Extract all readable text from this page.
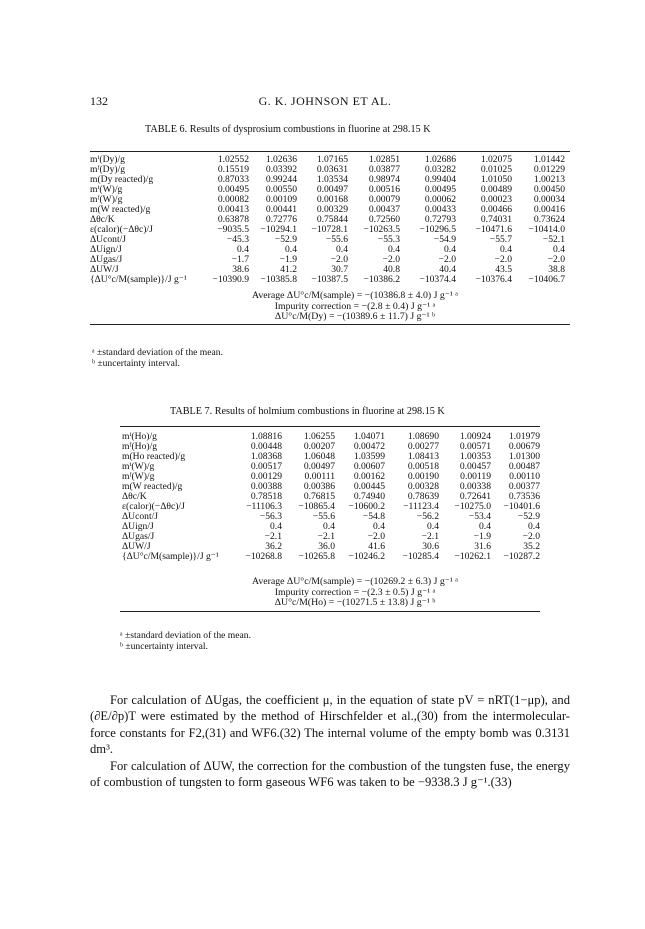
132	G. K. JOHNSON ET AL.
TABLE 6. Results of dysprosium combustions in fluorine at 298.15 K
mⁱ(Dy)/g	1.02552	1.02636	1.07165	1.02851	1.02686	1.02075	1.01442
mᶠ(Dy)/g	0.15519	0.03392	0.03631	0.03877	0.03282	0.01025	0.01229
m(Dy reacted)/g	0.87033	0.99244	1.03534	0.98974	0.99404	1.01050	1.00213
mⁱ(W)/g	0.00495	0.00550	0.00497	0.00516	0.00495	0.00489	0.00450
mᶠ(W)/g	0.00082	0.00109	0.00168	0.00079	0.00062	0.00023	0.00034
m(W reacted)/g	0.00413	0.00441	0.00329	0.00437	0.00433	0.00466	0.00416
Δθc/K	0.63878	0.72776	0.75844	0.72560	0.72793	0.74031	0.73624
ε(calor)(−Δθc)/J	−9035.5	−10294.1	−10728.1	−10263.5	−10296.5	−10471.6	−10414.0
ΔUcont/J	−45.3	−52.9	−55.6	−55.3	−54.9	−55.7	−52.1
ΔUign/J	0.4	0.4	0.4	0.4	0.4	0.4	0.4
ΔUgas/J	−1.7	−1.9	−2.0	−2.0	−2.0	−2.0	−2.0
ΔUW/J	38.6	41.2	30.7	40.8	40.4	43.5	38.8
{ΔU°c/M(sample)}/J g⁻¹	−10390.9	−10385.8	−10387.5	−10386.2	−10374.4	−10376.4	−10406.7
Average ΔU°c/M(sample) = −(10386.8 ± 4.0) J g⁻¹ ᵃ
Impurity correction = −(2.8 ± 0.4) J g⁻¹ ᵃ
ΔU°c/M(Dy) = −(10389.6 ± 11.7) J g⁻¹ ᵇ
ᵃ ±standard deviation of the mean.
ᵇ ±uncertainty interval.
TABLE 7. Results of holmium combustions in fluorine at 298.15 K
mⁱ(Ho)/g	1.08816	1.06255	1.04071	1.08690	1.00924	1.01979
mᶠ(Ho)/g	0.00448	0.00207	0.00472	0.00277	0.00571	0.00679
m(Ho reacted)/g	1.08368	1.06048	1.03599	1.08413	1.00353	1.01300
mⁱ(W)/g	0.00517	0.00497	0.00607	0.00518	0.00457	0.00487
mᶠ(W)/g	0.00129	0.00111	0.00162	0.00190	0.00119	0.00110
m(W reacted)/g	0.00388	0.00386	0.00445	0.00328	0.00338	0.00377
Δθc/K	0.78518	0.76815	0.74940	0.78639	0.72641	0.73536
ε(calor)(−Δθc)/J	−11106.3	−10865.4	−10600.2	−11123.4	−10275.0	−10401.6
ΔUcont/J	−56.3	−55.6	−54.8	−56.2	−53.4	−52.9
ΔUign/J	0.4	0.4	0.4	0.4	0.4	0.4
ΔUgas/J	−2.1	−2.1	−2.0	−2.1	−1.9	−2.0
ΔUW/J	36.2	36.0	41.6	30.6	31.6	35.2
{ΔU°c/M(sample)}/J g⁻¹	−10268.8	−10265.8	−10246.2	−10285.4	−10262.1	−10287.2
Average ΔU°c/M(sample) = −(10269.2 ± 6.3) J g⁻¹ ᵃ
Impurity correction = −(2.3 ± 0.5) J g⁻¹ ᵃ
ΔU°c/M(Ho) = −(10271.5 ± 13.8) J g⁻¹ ᵇ
ᵃ ±standard deviation of the mean.
ᵇ ±uncertainty interval.

For calculation of ΔUgas, the coefficient μ, in the equation of state pV = nRT(1−μp), and (∂E/∂p)T were estimated by the method of Hirschfelder et al.,(30) from the intermolecular-force constants for F2,(31) and WF6.(32) The internal volume of the empty bomb was 0.3131 dm³.

For calculation of ΔUW, the correction for the combustion of the tungsten fuse, the energy of combustion of tungsten to form gaseous WF6 was taken to be −9338.3 J g⁻¹.(33)
